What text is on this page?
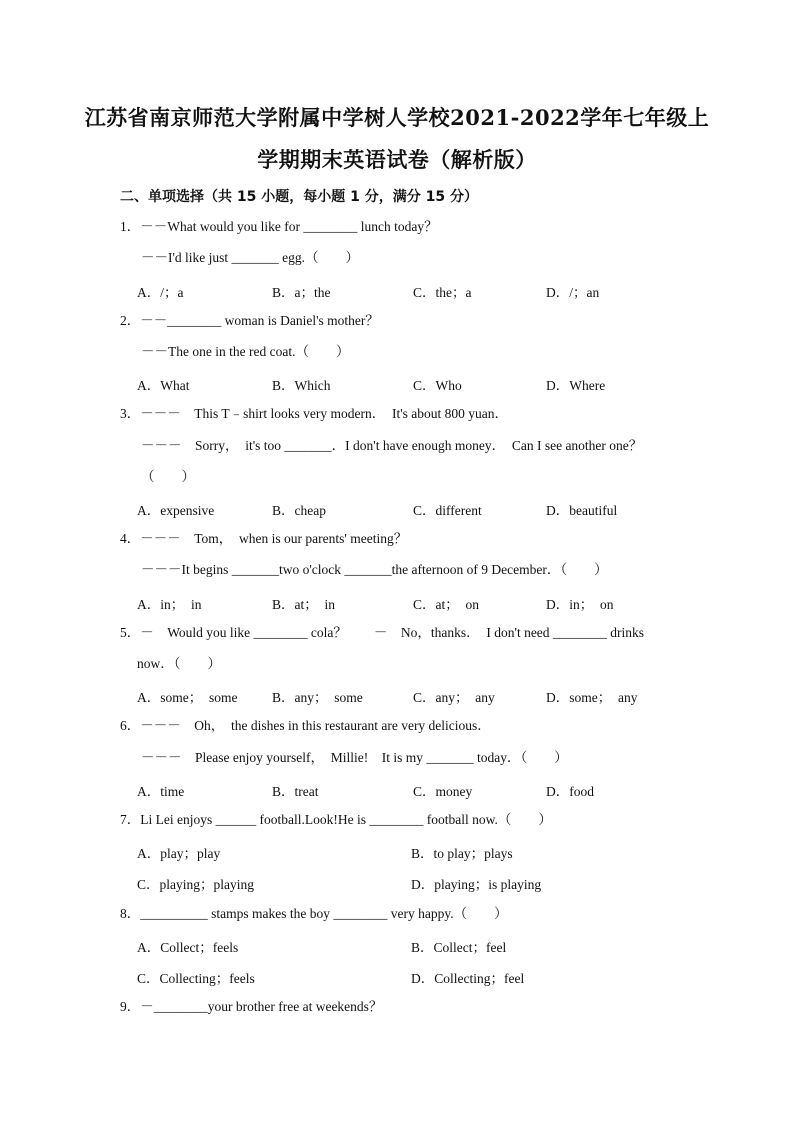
江苏省南京师范大学附属中学树人学校2021-2022学年七年级上
学期期末英语试卷（解析版）
二、单项选择（共 15 小题，每小题 1 分，满分 15 分）
1．－－What would you like for ________ lunch today？
－－I'd like just _______ egg.（　　）
A．/；a	B．a；the	C．the；a	D．/；an
2．－－________ woman is Daniel's mother？
－－The one in the red coat.（　　）
A．What	B．Which	C．Who	D．Where
3．－－－　This T﹣shirt looks very modern．　It's about 800 yuan．
－－－　Sorry，　it's too _______．I don't have enough money．　Can I see another one？
（　　）
A．expensive	B．cheap	C．different	D．beautiful
4．－－－　Tom，　when is our parents' meeting？
－－－It begins _______two o'clock _______the afternoon of 9 December．（　　）
A．in；　in	B．at；　in	C．at；　on	D．in；　on
5．－　Would you like ________ cola？　　－　No，thanks．　I don't need ________ drinks
now．（　　）
A．some；　some	B．any；　some	C．any；　any	D．some；　any
6．－－－　Oh，　the dishes in this restaurant are very delicious．
－－－　Please enjoy yourself，　Millie!　It is my _______ today．（　　）
A．time	B．treat	C．money	D．food
7．Li Lei enjoys ______ football.Look!He is ________ football now.（　　）
A．play；play	B．to play；plays
C．playing；playing	D．playing；is playing
8．__________ stamps makes the boy ________ very happy.（　　）
A．Collect；feels	B．Collect；feel
C．Collecting；feels	D．Collecting；feel
9．－________your brother free at weekends？
